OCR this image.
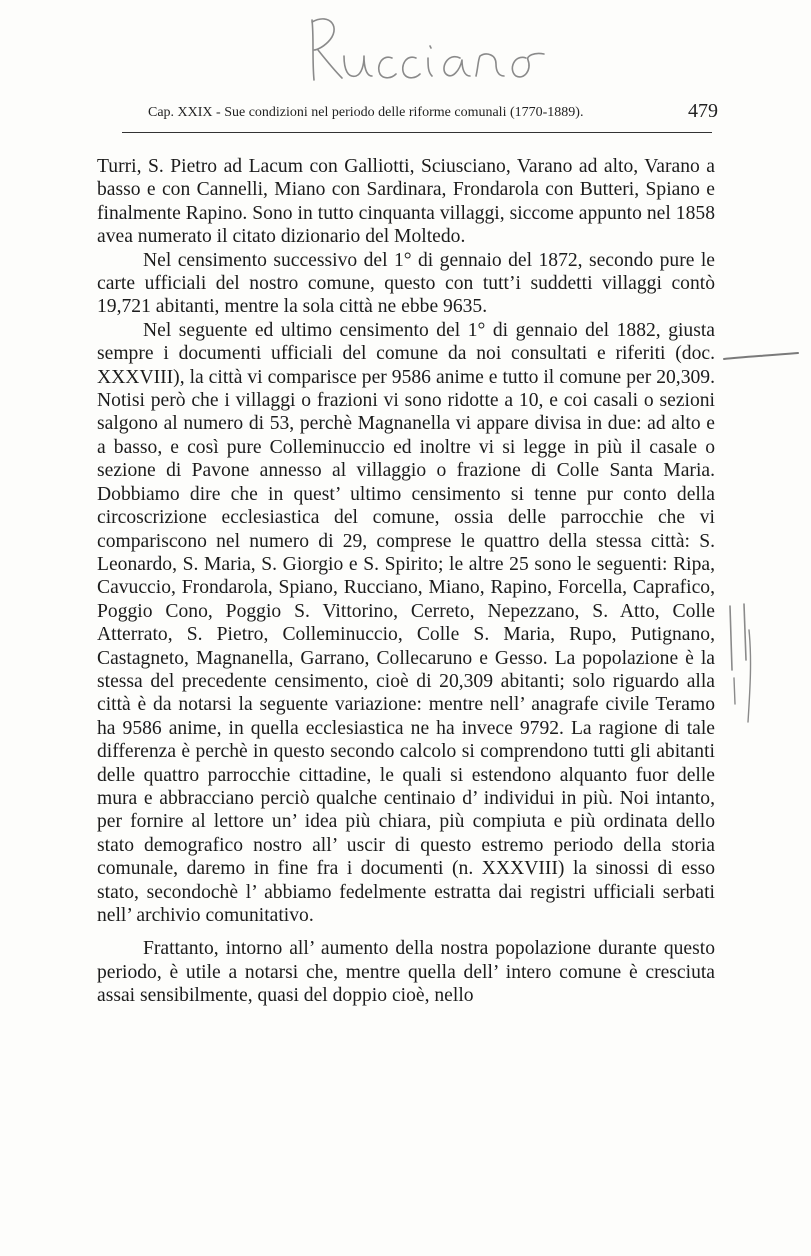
Cap. XXIX - Sue condizioni nel periodo delle riforme comunali (1770-1889).	479

Turri, S. Pietro ad Lacum con Galliotti, Sciusciano, Varano ad alto, Varano a basso e con Cannelli, Miano con Sardinara, Frondarola con Butteri, Spiano e finalmente Rapino. Sono in tutto cinquanta villaggi, siccome appunto nel 1858 avea numerato il citato dizionario del Moltedo.

Nel censimento successivo del 1° di gennaio del 1872, secondo pure le carte ufficiali del nostro comune, questo con tutt’i suddetti villaggi contò 19,721 abitanti, mentre la sola città ne ebbe 9635.

Nel seguente ed ultimo censimento del 1° di gennaio del 1882, giusta sempre i documenti ufficiali del comune da noi consultati e riferiti (doc. XXXVIII), la città vi comparisce per 9586 anime e tutto il comune per 20,309. Notisi però che i villaggi o frazioni vi sono ridotte a 10, e coi casali o sezioni salgono al numero di 53, perchè Magnanella vi appare divisa in due: ad alto e a basso, e così pure Colleminuccio ed inoltre vi si legge in più il casale o sezione di Pavone annesso al villaggio o frazione di Colle Santa Maria. Dobbiamo dire che in quest’ ultimo censimento si tenne pur conto della circoscrizione ecclesiastica del comune, ossia delle parrocchie che vi compariscono nel numero di 29, comprese le quattro della stessa città: S. Leonardo, S. Maria, S. Giorgio e S. Spirito; le altre 25 sono le seguenti: Ripa, Cavuccio, Frondarola, Spiano, Rucciano, Miano, Rapino, Forcella, Caprafico, Poggio Cono, Poggio S. Vittorino, Cerreto, Nepezzano, S. Atto, Colle Atterrato, S. Pietro, Colleminuccio, Colle S. Maria, Rupo, Putignano, Castagneto, Magnanella, Garrano, Collecaruno e Gesso. La popolazione è la stessa del precedente censimento, cioè di 20,309 abitanti; solo riguardo alla città è da notarsi la seguente variazione: mentre nell’ anagrafe civile Teramo ha 9586 anime, in quella ecclesiastica ne ha invece 9792. La ragione di tale differenza è perchè in questo secondo calcolo si comprendono tutti gli abitanti delle quattro parrocchie cittadine, le quali si estendono alquanto fuor delle mura e abbracciano perciò qualche centinaio d’ individui in più. Noi intanto, per fornire al lettore un’ idea più chiara, più compiuta e più ordinata dello stato demografico nostro all’ uscir di questo estremo periodo della storia comunale, daremo in fine fra i documenti (n. XXXVIII) la sinossi di esso stato, secondochè l’ abbiamo fedelmente estratta dai registri ufficiali serbati nell’ archivio comunitativo.

Frattanto, intorno all’ aumento della nostra popolazione durante questo periodo, è utile a notarsi che, mentre quella dell’ intero comune è cresciuta assai sensibilmente, quasi del doppio cioè, nello
